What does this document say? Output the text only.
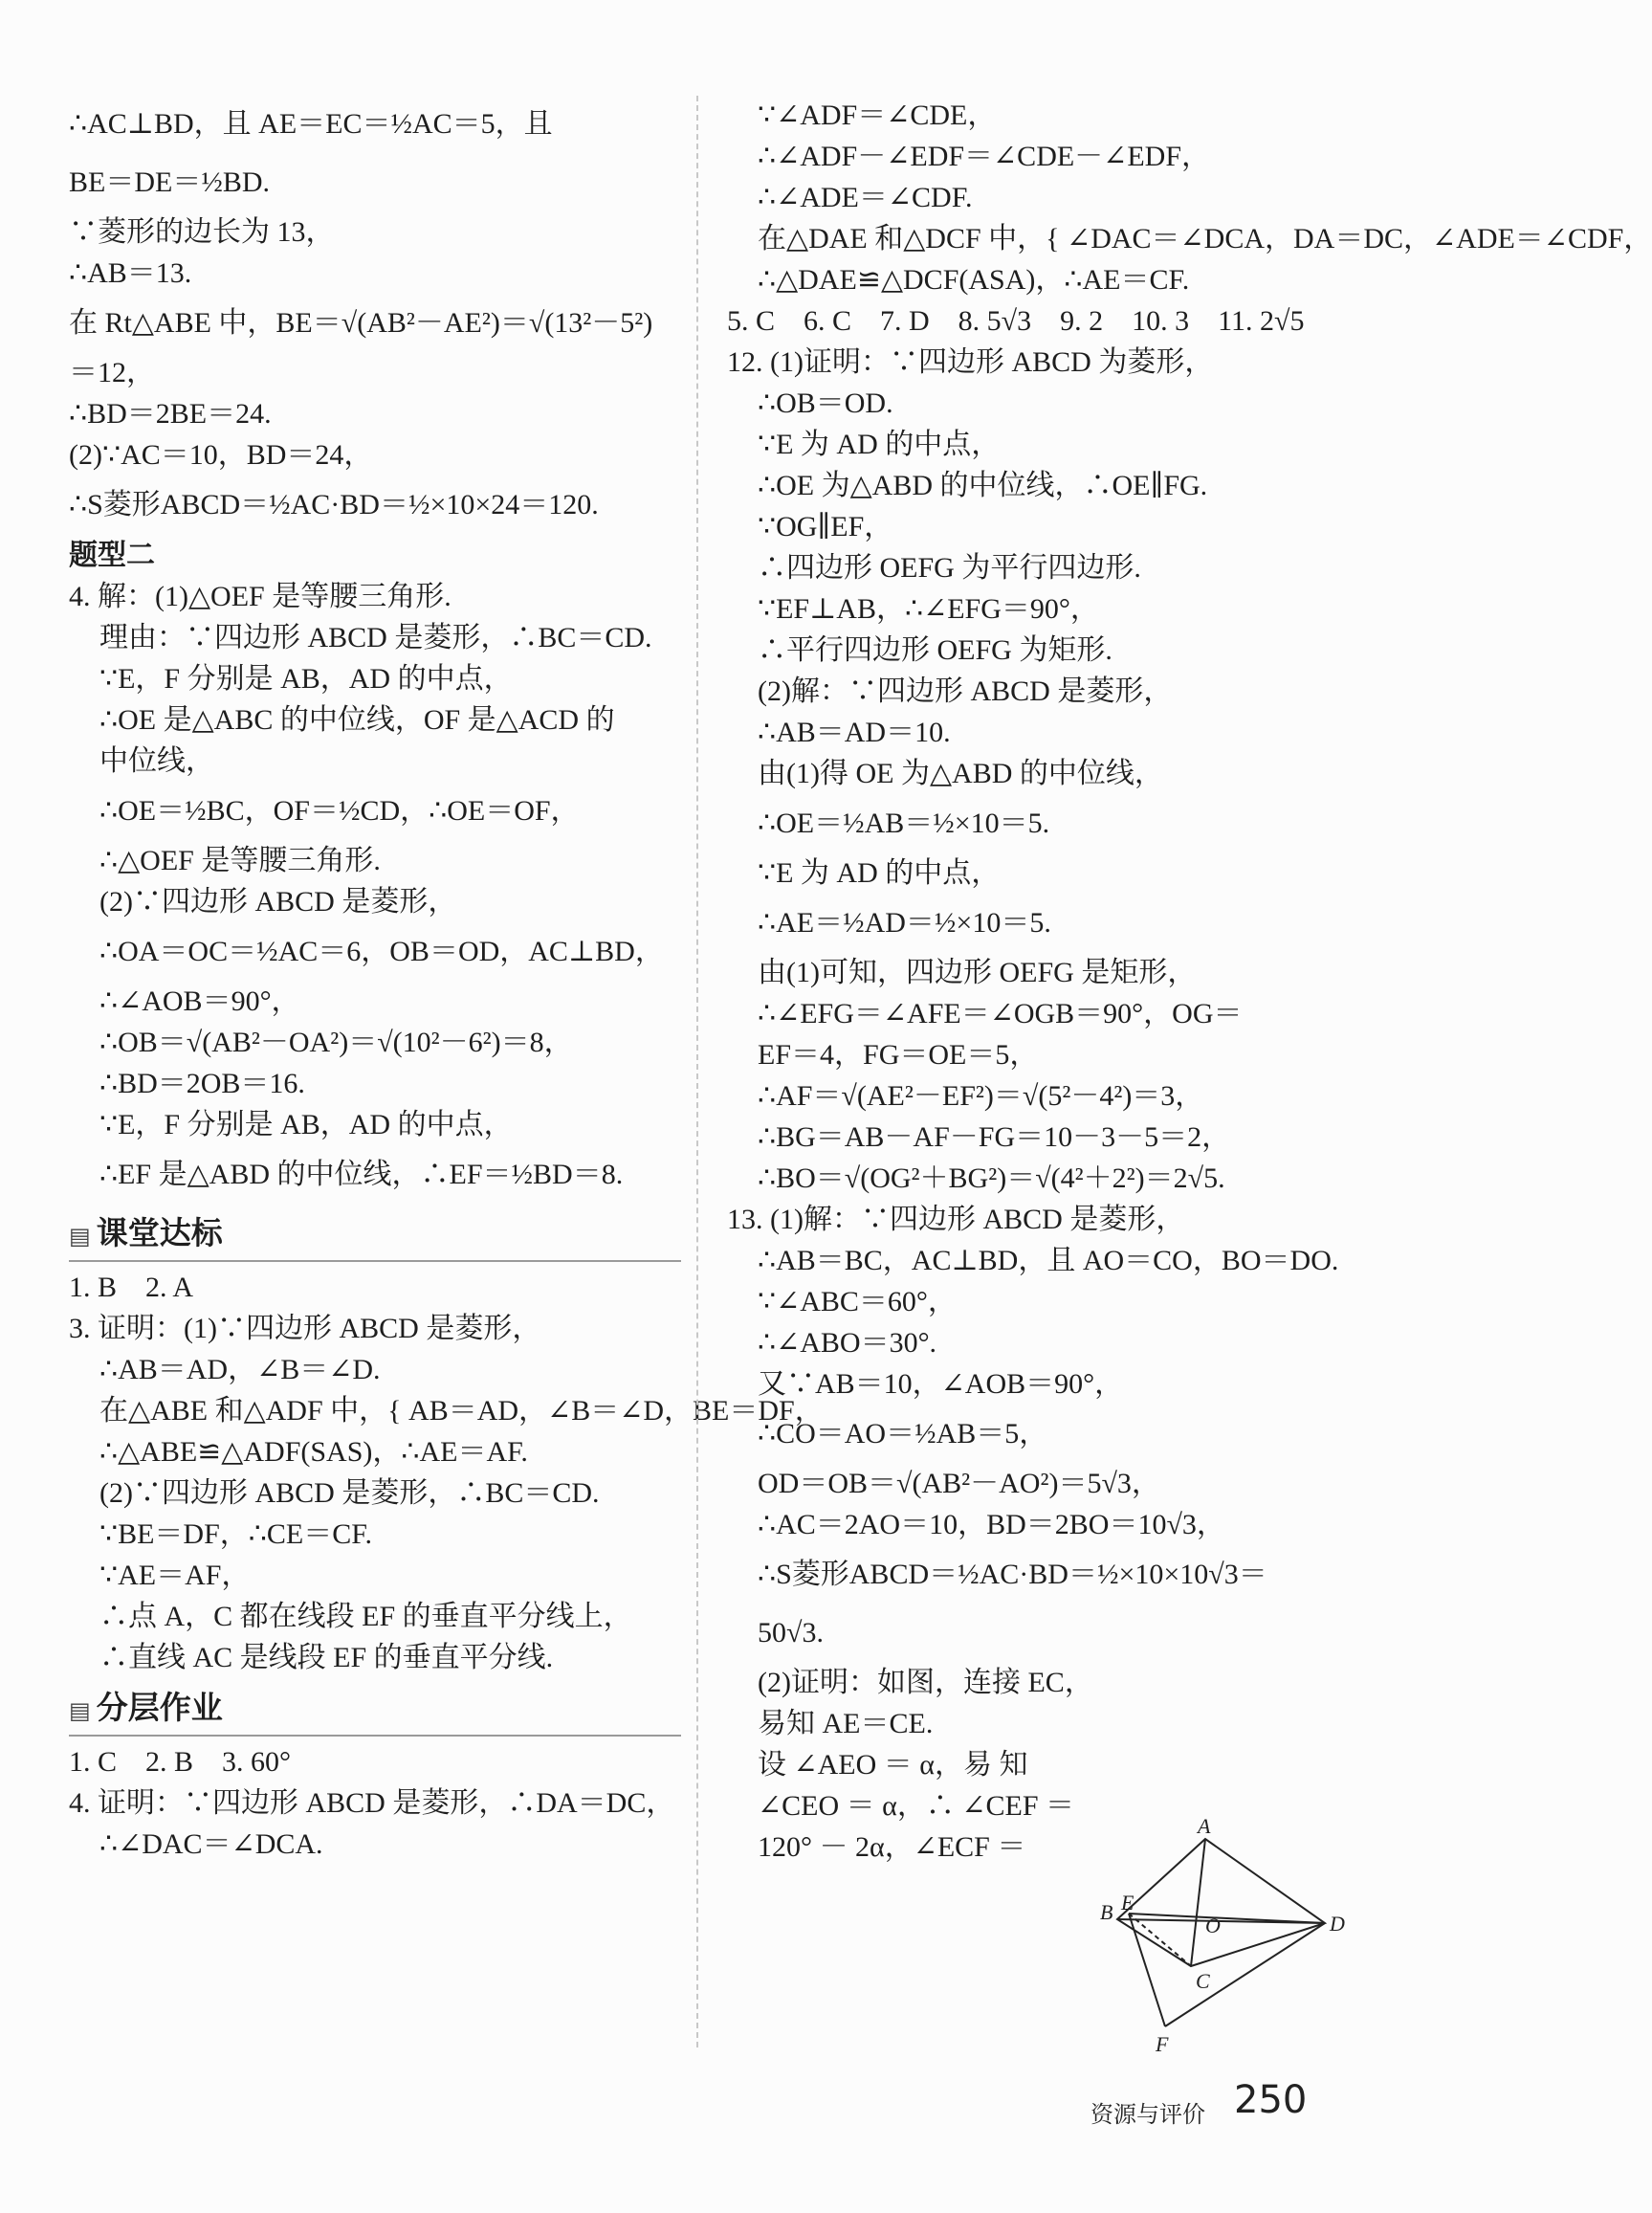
∴AC⊥BD，且 AE＝EC＝½AC＝5，且
BE＝DE＝½BD.
∵菱形的边长为 13，
∴AB＝13.
在 Rt△ABE 中，BE＝√(AB²－AE²)＝√(13²－5²)
＝12，
∴BD＝2BE＝24.
(2)∵AC＝10，BD＝24，
∴S菱形ABCD＝½AC·BD＝½×10×24＝120.
题型二
4. 解：(1)△OEF 是等腰三角形.
理由：∵四边形 ABCD 是菱形，∴BC＝CD.
∵E，F 分别是 AB，AD 的中点，
∴OE 是△ABC 的中位线，OF 是△ACD 的
中位线，
∴OE＝½BC，OF＝½CD，∴OE＝OF，
∴△OEF 是等腰三角形.
(2)∵四边形 ABCD 是菱形，
∴OA＝OC＝½AC＝6，OB＝OD，AC⊥BD，
∴∠AOB＝90°，
∴OB＝√(AB²－OA²)＝√(10²－6²)＝8，
∴BD＝2OB＝16.
∵E，F 分别是 AB，AD 的中点，
∴EF 是△ABD 的中位线，∴EF＝½BD＝8.
▤ 课堂达标
1. B　2. A
3. 证明：(1)∵四边形 ABCD 是菱形，
∴AB＝AD，∠B＝∠D.
在△ABE 和△ADF 中，{ AB＝AD，∠B＝∠D，BE＝DF，
∴△ABE≌△ADF(SAS)，∴AE＝AF.
(2)∵四边形 ABCD 是菱形，∴BC＝CD.
∵BE＝DF，∴CE＝CF.
∵AE＝AF，
∴点 A，C 都在线段 EF 的垂直平分线上，
∴直线 AC 是线段 EF 的垂直平分线.
▤ 分层作业
1. C　2. B　3. 60°
4. 证明：∵四边形 ABCD 是菱形，∴DA＝DC，
∴∠DAC＝∠DCA.
∵∠ADF＝∠CDE，
∴∠ADF－∠EDF＝∠CDE－∠EDF，
∴∠ADE＝∠CDF.
在△DAE 和△DCF 中，{ ∠DAC＝∠DCA，DA＝DC，∠ADE＝∠CDF，
∴△DAE≌△DCF(ASA)，∴AE＝CF.
5. C　6. C　7. D　8. 5√3　9. 2　10. 3　11. 2√5
12. (1)证明：∵四边形 ABCD 为菱形，
∴OB＝OD.
∵E 为 AD 的中点，
∴OE 为△ABD 的中位线，∴OE∥FG.
∵OG∥EF，
∴四边形 OEFG 为平行四边形.
∵EF⊥AB，∴∠EFG＝90°，
∴平行四边形 OEFG 为矩形.
(2)解：∵四边形 ABCD 是菱形，
∴AB＝AD＝10.
由(1)得 OE 为△ABD 的中位线，
∴OE＝½AB＝½×10＝5.
∵E 为 AD 的中点，
∴AE＝½AD＝½×10＝5.
由(1)可知，四边形 OEFG 是矩形，
∴∠EFG＝∠AFE＝∠OGB＝90°，OG＝
EF＝4，FG＝OE＝5，
∴AF＝√(AE²－EF²)＝√(5²－4²)＝3，
∴BG＝AB－AF－FG＝10－3－5＝2，
∴BO＝√(OG²＋BG²)＝√(4²＋2²)＝2√5.
13. (1)解：∵四边形 ABCD 是菱形，
∴AB＝BC，AC⊥BD，且 AO＝CO，BO＝DO.
∵∠ABC＝60°，
∴∠ABO＝30°.
又∵AB＝10，∠AOB＝90°，
∴CO＝AO＝½AB＝5，
OD＝OB＝√(AB²－AO²)＝5√3，
∴AC＝2AO＝10，BD＝2BO＝10√3，
∴S菱形ABCD＝½AC·BD＝½×10×10√3＝
50√3.
(2)证明：如图，连接 EC，
易知 AE＝CE.
设 ∠AEO ＝ α，易 知
∠CEO ＝ α，∴ ∠CEF ＝
120° － 2α，∠ECF ＝
A
B E
O
C
D
F
资源与评价 250
